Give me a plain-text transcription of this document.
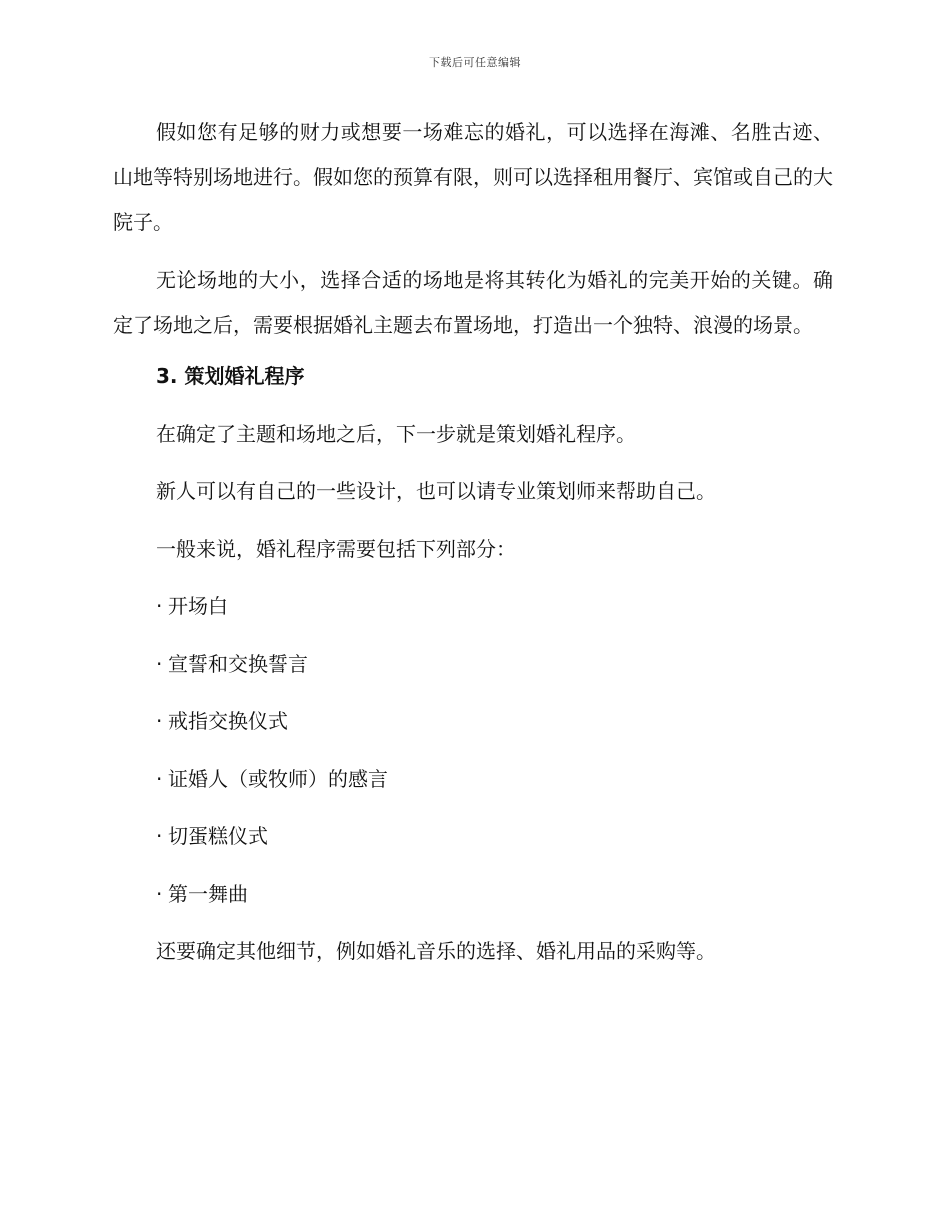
下载后可任意编辑

假如您有足够的财力或想要一场难忘的婚礼，可以选择在海滩、名胜古迹、山地等特别场地进行。假如您的预算有限，则可以选择租用餐厅、宾馆或自己的大院子。

无论场地的大小，选择合适的场地是将其转化为婚礼的完美开始的关键。确定了场地之后，需要根据婚礼主题去布置场地，打造出一个独特、浪漫的场景。

3. 策划婚礼程序
在确定了主题和场地之后，下一步就是策划婚礼程序。
新人可以有自己的一些设计，也可以请专业策划师来帮助自己。
一般来说，婚礼程序需要包括下列部分：
· 开场白
· 宣誓和交换誓言
· 戒指交换仪式
· 证婚人（或牧师）的感言
· 切蛋糕仪式
· 第一舞曲
还要确定其他细节，例如婚礼音乐的选择、婚礼用品的采购等。
